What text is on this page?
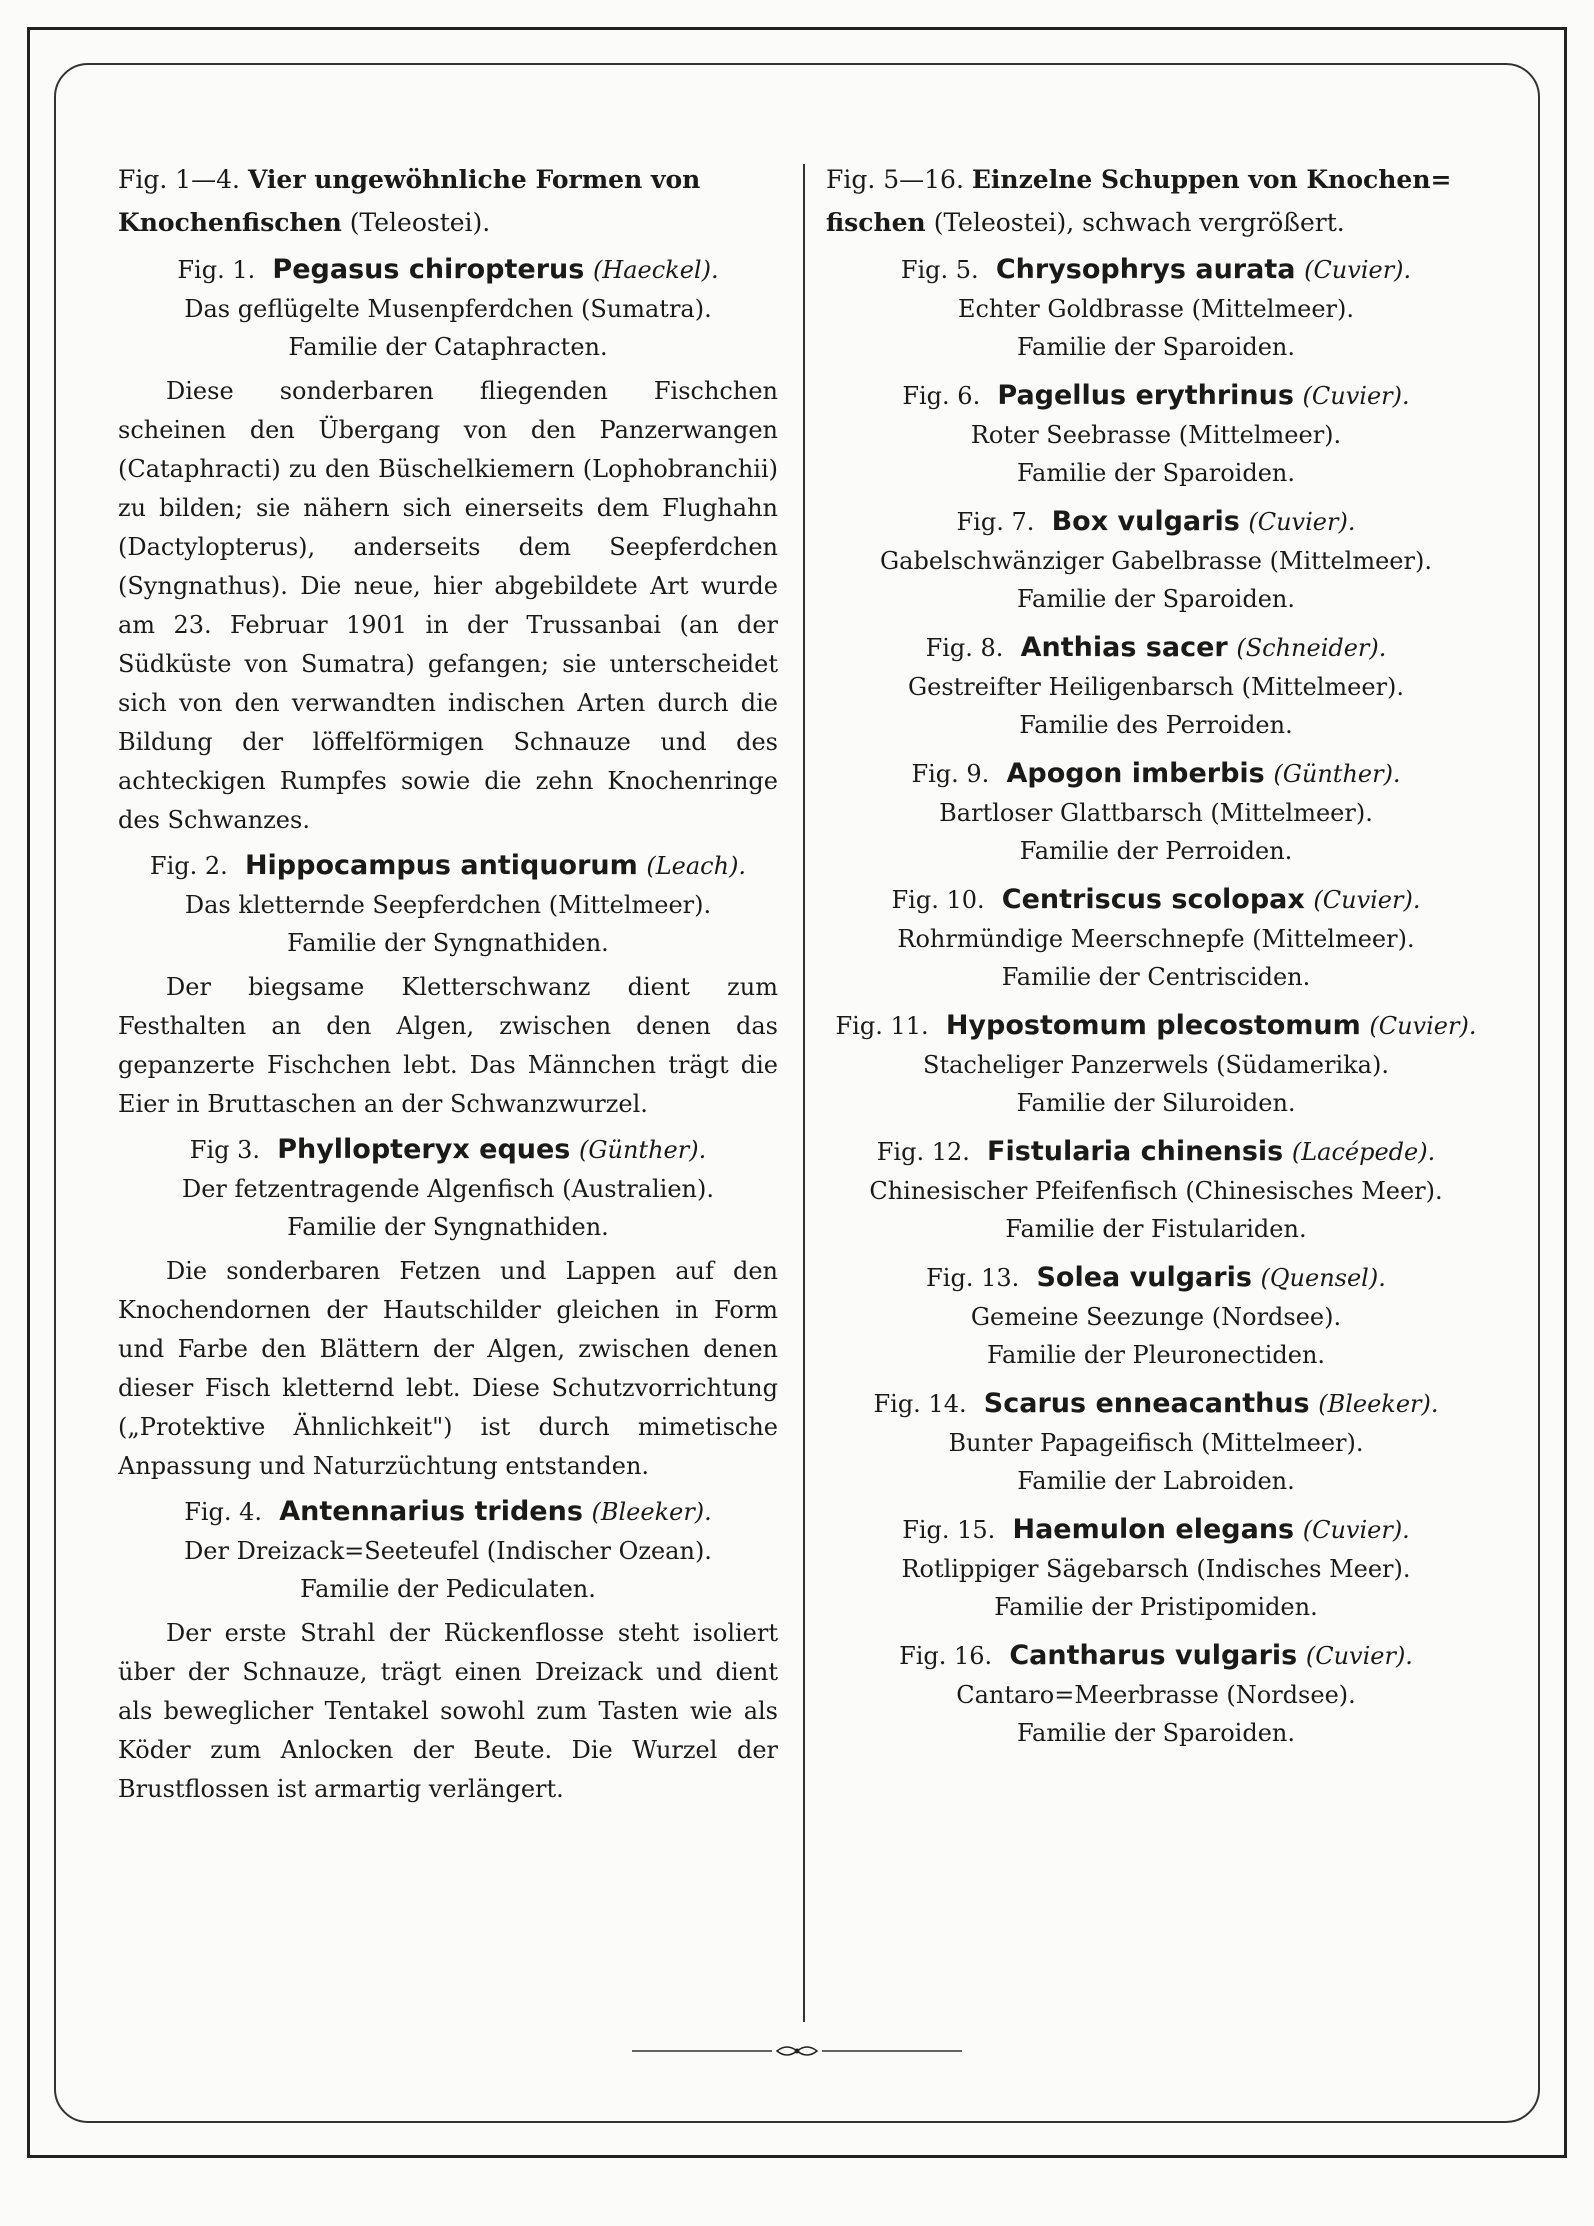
Fig. 1—4. Vier ungewöhnliche Formen von
Knochenfischen (Teleostei).
Fig. 1. Pegasus chiropterus (Haeckel).
Das geflügelte Musenpferdchen (Sumatra).
Familie der Cataphracten.

Diese sonderbaren fliegenden Fischchen scheinen den Übergang von den Panzerwangen (Cataphracti) zu den Büschelkiemern (Lophobranchii) zu bilden; sie nähern sich einerseits dem Flughahn (Dactylopterus), anderseits dem Seepferdchen (Syngnathus). Die neue, hier abgebildete Art wurde am 23. Februar 1901 in der Trussanbai (an der Südküste von Sumatra) gefangen; sie unterscheidet sich von den verwandten indischen Arten durch die Bildung der löffelförmigen Schnauze und des achteckigen Rumpfes sowie die zehn Knochenringe des Schwanzes.

Fig. 2. Hippocampus antiquorum (Leach).
Das kletternde Seepferdchen (Mittelmeer).
Familie der Syngnathiden.

Der biegsame Kletterschwanz dient zum Festhalten an den Algen, zwischen denen das gepanzerte Fischchen lebt. Das Männchen trägt die Eier in Bruttaschen an der Schwanzwurzel.

Fig 3. Phyllopteryx eques (Günther).
Der fetzentragende Algenfisch (Australien).
Familie der Syngnathiden.

Die sonderbaren Fetzen und Lappen auf den Knochendornen der Hautschilder gleichen in Form und Farbe den Blättern der Algen, zwischen denen dieser Fisch kletternd lebt. Diese Schutzvorrichtung („Protektive Ähnlichkeit") ist durch mimetische Anpassung und Naturzüchtung entstanden.

Fig. 4. Antennarius tridens (Bleeker).
Der Dreizack=Seeteufel (Indischer Ozean).
Familie der Pediculaten.

Der erste Strahl der Rückenflosse steht isoliert über der Schnauze, trägt einen Dreizack und dient als beweglicher Tentakel sowohl zum Tasten wie als Köder zum Anlocken der Beute. Die Wurzel der Brustflossen ist armartig verlängert.

Fig. 5—16. Einzelne Schuppen von Knochen=
fischen (Teleostei), schwach vergrößert.
Fig. 5. Chrysophrys aurata (Cuvier).
Echter Goldbrasse (Mittelmeer).
Familie der Sparoiden.
Fig. 6. Pagellus erythrinus (Cuvier).
Roter Seebrasse (Mittelmeer).
Familie der Sparoiden.
Fig. 7. Box vulgaris (Cuvier).
Gabelschwänziger Gabelbrasse (Mittelmeer).
Familie der Sparoiden.
Fig. 8. Anthias sacer (Schneider).
Gestreifter Heiligenbarsch (Mittelmeer).
Familie des Perroiden.
Fig. 9. Apogon imberbis (Günther).
Bartloser Glattbarsch (Mittelmeer).
Familie der Perroiden.
Fig. 10. Centriscus scolopax (Cuvier).
Rohrmündige Meerschnepfe (Mittelmeer).
Familie der Centrisciden.
Fig. 11. Hypostomum plecostomum (Cuvier).
Stacheliger Panzerwels (Südamerika).
Familie der Siluroiden.
Fig. 12. Fistularia chinensis (Lacépede).
Chinesischer Pfeifenfisch (Chinesisches Meer).
Familie der Fistulariden.
Fig. 13. Solea vulgaris (Quensel).
Gemeine Seezunge (Nordsee).
Familie der Pleuronectiden.
Fig. 14. Scarus enneacanthus (Bleeker).
Bunter Papageifisch (Mittelmeer).
Familie der Labroiden.
Fig. 15. Haemulon elegans (Cuvier).
Rotlippiger Sägebarsch (Indisches Meer).
Familie der Pristipomiden.
Fig. 16. Cantharus vulgaris (Cuvier).
Cantaro=Meerbrasse (Nordsee).
Familie der Sparoiden.
